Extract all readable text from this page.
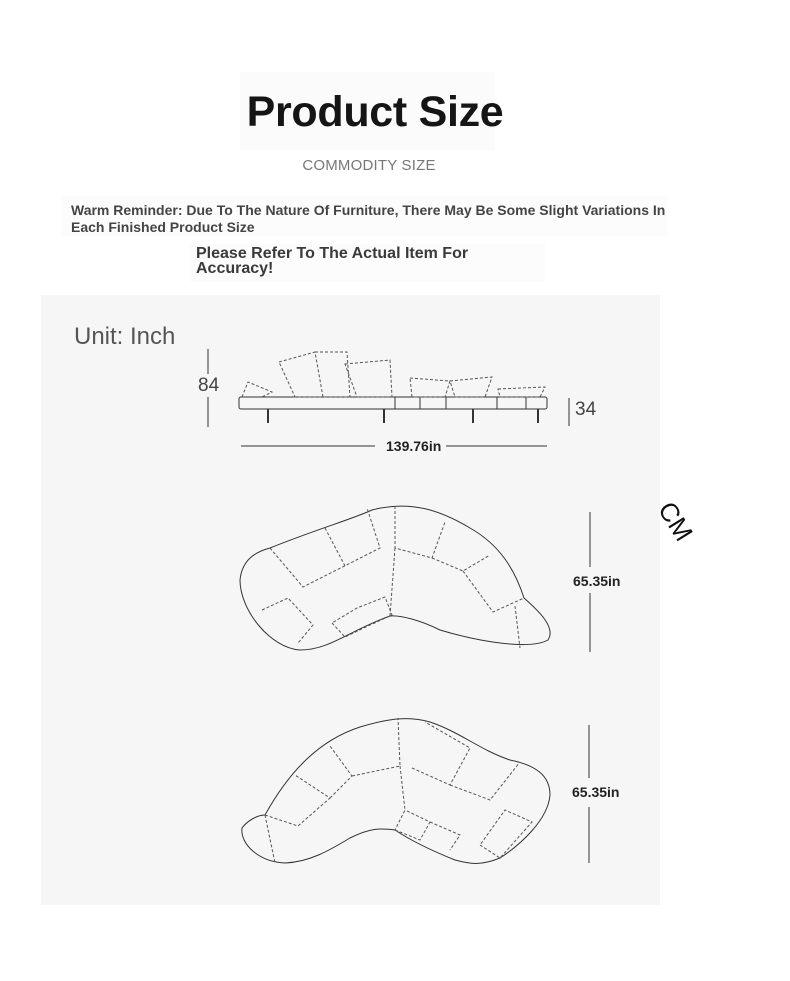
Product Size
COMMODITY SIZE
Warm Reminder: Due To The Nature Of Furniture, There May Be Some Slight Variations In Each Finished Product Size
Please Refer To The Actual Item For Accuracy!
Unit: Inch
84
34
139.76in
65.35in
65.35in
CM
